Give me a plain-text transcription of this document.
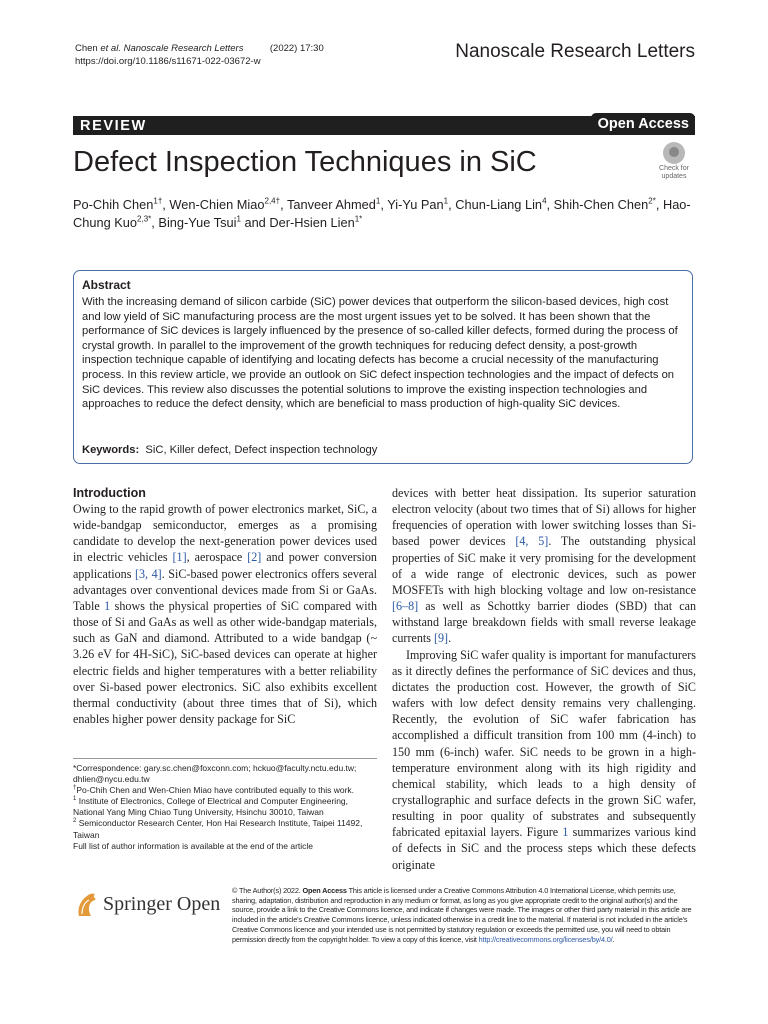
Chen et al. Nanoscale Research Letters	(2022) 17:30
https://doi.org/10.1186/s11671-022-03672-w	Nanoscale Research Letters
REVIEW	Open Access
Defect Inspection Techniques in SiC	Check for
updates
Po-Chih Chen$^{1\dagger}$, Wen-Chien Miao$^{2,4\dagger}$, Tanveer Ahmed$^1$, Yi-Yu Pan$^1$, Chun-Liang Lin$^4$, Shih-Chen Chen$^{2*}$, Hao-Chung Kuo$^{2,3*}$, Bing-Yue Tsui$^1$ and Der-Hsien Lien$^{1*}$
Abstract
With the increasing demand of silicon carbide (SiC) power devices that outperform the silicon-based devices, high cost and low yield of SiC manufacturing process are the most urgent issues yet to be solved. It has been shown that the performance of SiC devices is largely influenced by the presence of so-called killer defects, formed during the process of crystal growth. In parallel to the improvement of the growth techniques for reducing defect density, a post-growth inspection technique capable of identifying and locating defects has become a crucial necessity of the manufacturing process. In this review article, we provide an outlook on SiC defect inspection technologies and the impact of defects on SiC devices. This review also discusses the potential solutions to improve the existing inspection technologies and approaches to reduce the defect density, which are beneficial to mass production of high-quality SiC devices.
Keywords: SiC, Killer defect, Defect inspection technology
Introduction

Owing to the rapid growth of power electronics market, SiC, a wide-bandgap semiconductor, emerges as a promising candidate to develop the next-generation power devices used in electric vehicles [1], aerospace [2] and power conversion applications [3, 4]. SiC-based power electronics offers several advantages over conventional devices made from Si or GaAs. Table 1 shows the physical properties of SiC compared with those of Si and GaAs as well as other wide-bandgap materials, such as GaN and diamond. Attributed to a wide bandgap (~ 3.26 eV for 4H-SiC), SiC-based devices can operate at higher electric fields and higher temperatures with a better reliability over Si-based power electronics. SiC also exhibits excellent thermal conductivity (about three times that of Si), which enables higher power density package for SiC

devices with better heat dissipation. Its superior saturation electron velocity (about two times that of Si) allows for higher frequencies of operation with lower switching losses than Si-based power devices [4, 5]. The outstanding physical properties of SiC make it very promising for the development of a wide range of electronic devices, such as power MOSFETs with high blocking voltage and low on-resistance [6–8] as well as Schottky barrier diodes (SBD) that can withstand large breakdown fields with small reverse leakage currents [9].

Improving SiC wafer quality is important for manufacturers as it directly defines the performance of SiC devices and thus, dictates the production cost. However, the growth of SiC wafers with low defect density remains very challenging. Recently, the evolution of SiC wafer fabrication has accomplished a difficult transition from 100 mm (4-inch) to 150 mm (6-inch) wafer. SiC needs to be grown in a high-temperature environment along with its high rigidity and chemical stability, which leads to a high density of crystallographic and surface defects in the grown SiC wafer, resulting in poor quality of substrates and subsequently fabricated epitaxial layers. Figure 1 summarizes various kind of defects in SiC and the process steps which these defects originate

*Correspondence: gary.sc.chen@foxconn.com; hckuo@faculty.nctu.edu.tw; dhlien@nycu.edu.tw
†Po-Chih Chen and Wen-Chien Miao have contributed equally to this work.
$^1$ Institute of Electronics, College of Electrical and Computer Engineering, National Yang Ming Chiao Tung University, Hsinchu 30010, Taiwan
$^2$ Semiconductor Research Center, Hon Hai Research Institute, Taipei 11492, Taiwan
Full list of author information is available at the end of the article
Springer Open
© The Author(s) 2022. Open Access This article is licensed under a Creative Commons Attribution 4.0 International License, which permits use, sharing, adaptation, distribution and reproduction in any medium or format, as long as you give appropriate credit to the original author(s) and the source, provide a link to the Creative Commons licence, and indicate if changes were made. The images or other third party material in this article are included in the article's Creative Commons licence, unless indicated otherwise in a credit line to the material. If material is not included in the article's Creative Commons licence and your intended use is not permitted by statutory regulation or exceeds the permitted use, you will need to obtain permission directly from the copyright holder. To view a copy of this licence, visit http://creativecommons.org/licenses/by/4.0/.
